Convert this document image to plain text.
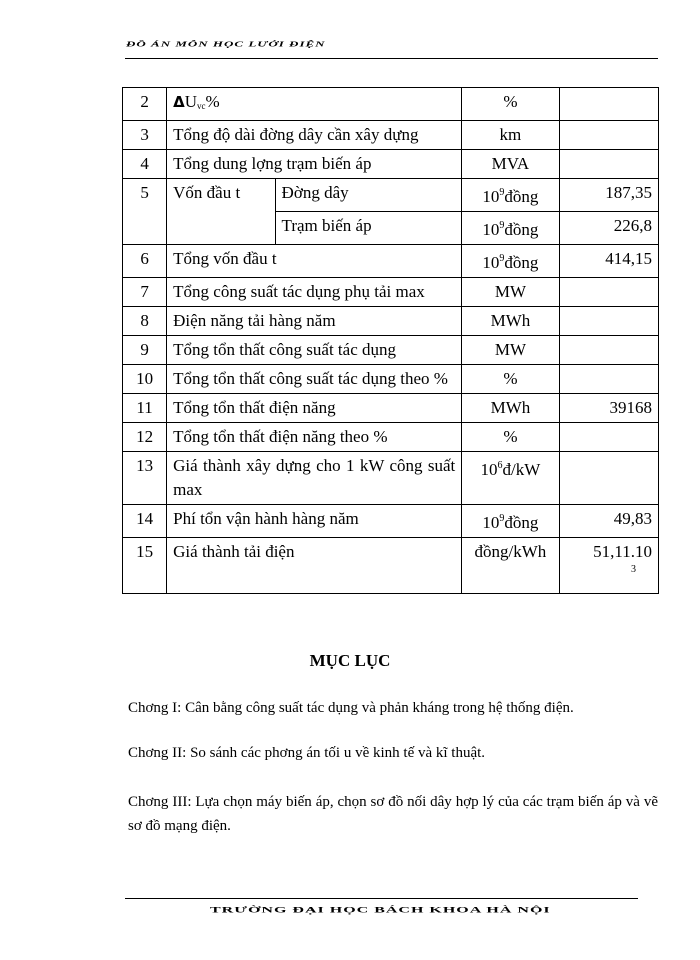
ĐỒ ÁN MÔN HỌC LƯỚI ĐIỆN
2	$\Delta U_{vc}\%$		%	
3	Tổng độ dài đờng dây cần xây dựng		km	
4	Tổng dung lợng trạm biến áp		MVA	
5	Vốn đầu t	Đờng dây	$10^9đồng$	187,35
		Trạm biến áp	$10^9đồng$	226,8
6	Tổng vốn đầu t		$10^9đồng$	414,15
7	Tổng công suất tác dụng phụ tải max		MW	
8	Điện năng tải hàng năm		MWh	
9	Tổng tổn thất công suất tác dụng		MW	
10	Tổng tổn thất công suất tác dụng theo %		%	
11	Tổng tổn thất điện năng		MWh	39168
12	Tổng tổn thất điện năng theo %		%	
13	Giá thành xây dựng cho 1 kW công suất max		$10^6đ/kW$	
14	Phí tổn vận hành hàng năm		$10^9đồng$	49,83
15	Giá thành tải điện		đồng/kWh	51,11.10
3
MỤC LỤC
Chơng I: Cân bằng công suất tác dụng và phản kháng trong hệ thống điện.
Chơng II: So sánh các phơng án tối u về kinh tế và kĩ thuật.
Chơng III: Lựa chọn máy biến áp, chọn sơ đồ nối dây hợp lý của các trạm biến áp và vẽ sơ đồ mạng điện.
TRƯỜNG ĐẠI HỌC BÁCH KHOA HÀ NỘI
